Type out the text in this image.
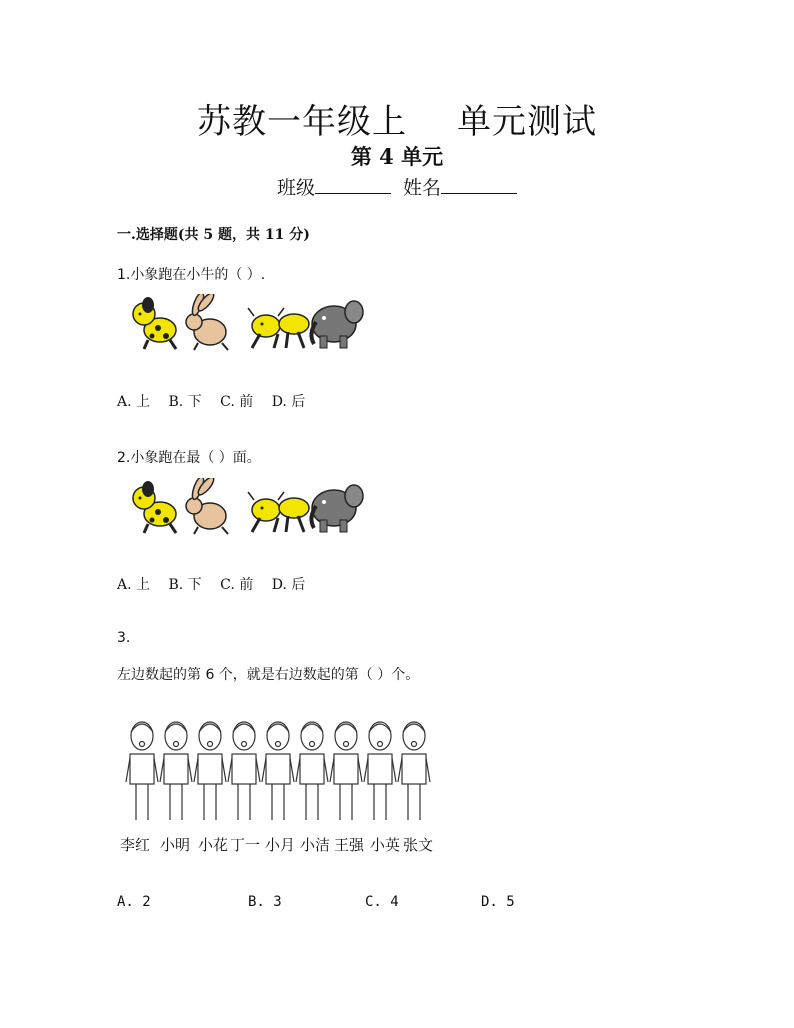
苏教一年级上 单元测试
第 4 单元
班级	姓名
一.选择题(共 5 题，共 11 分)
1.小象跑在小牛的（ ）.
A. 上 B. 下 C. 前 D. 后
2.小象跑在最（ ）面。
A. 上 B. 下 C. 前 D. 后
3.
左边数起的第 6 个，就是右边数起的第（ ）个。
李红 小明 小花 丁一 小月 小洁 王强 小英 张文
A. 2	B. 3	C. 4	D. 5
